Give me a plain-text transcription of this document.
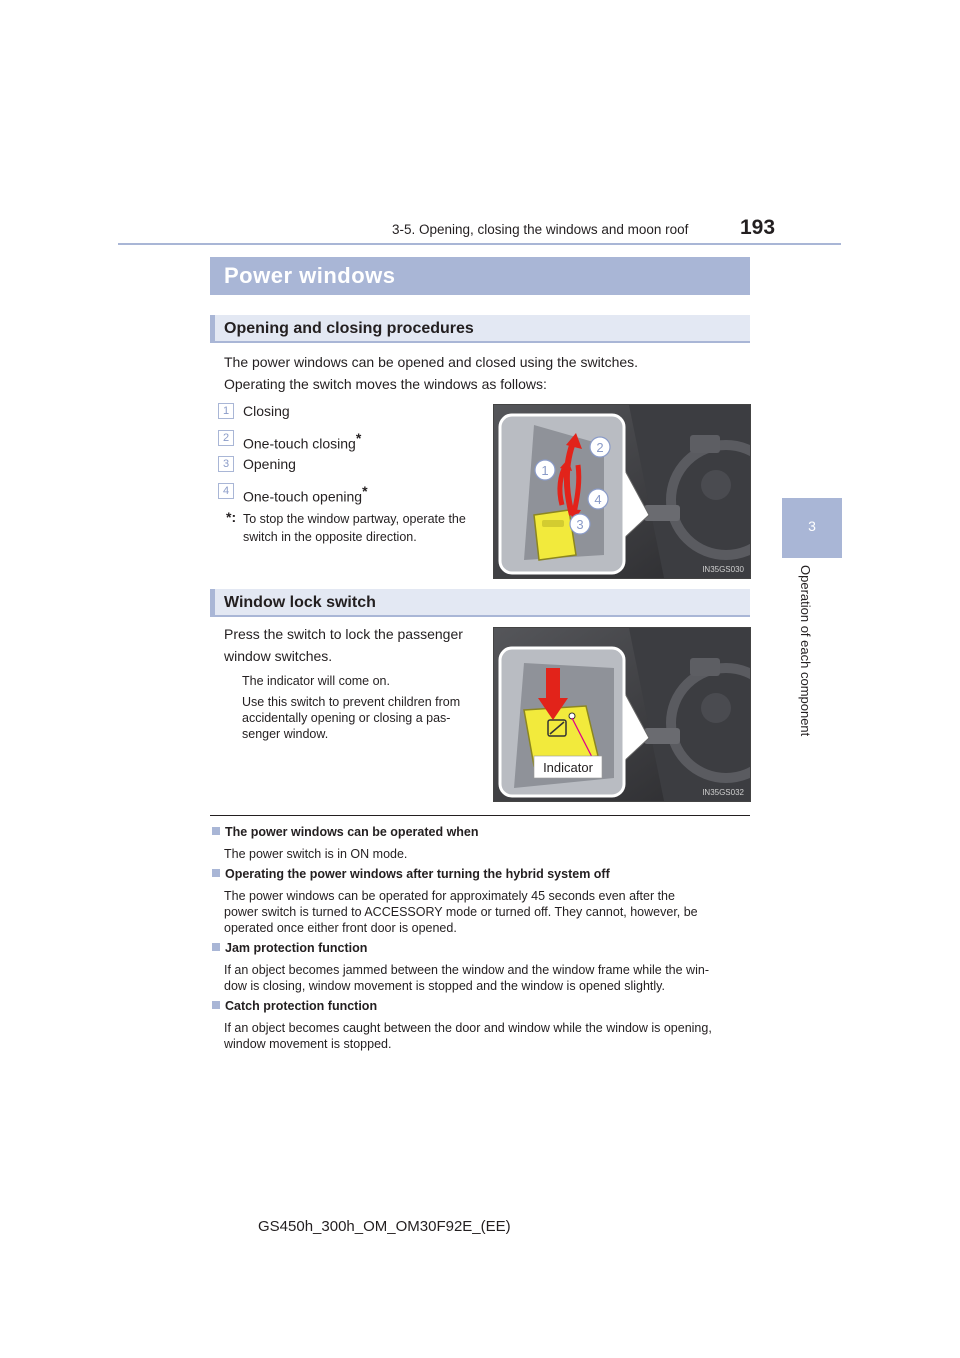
3-5. Opening, closing the windows and moon roof 193
3
Operation of each component
Power windows
Opening and closing procedures
The power windows can be opened and closed using the switches.
Operating the switch moves the windows as follows:
1 Closing
2 One-touch closing*
3 Opening
4 One-touch opening*
*: To stop the window partway, operate the
switch in the opposite direction.
1
2
3
4
IN35GS030
Window lock switch
Press the switch to lock the passenger
window switches.
The indicator will come on.
Use this switch to prevent children from
accidentally opening or closing a pas-
senger window.
Indicator
IN35GS032
The power windows can be operated when
The power switch is in ON mode.
Operating the power windows after turning the hybrid system off
The power windows can be operated for approximately 45 seconds even after the
power switch is turned to ACCESSORY mode or turned off. They cannot, however, be
operated once either front door is opened.
Jam protection function
If an object becomes jammed between the window and the window frame while the win-
dow is closing, window movement is stopped and the window is opened slightly.
Catch protection function
If an object becomes caught between the door and window while the window is opening,
window movement is stopped.
GS450h_300h_OM_OM30F92E_(EE)
